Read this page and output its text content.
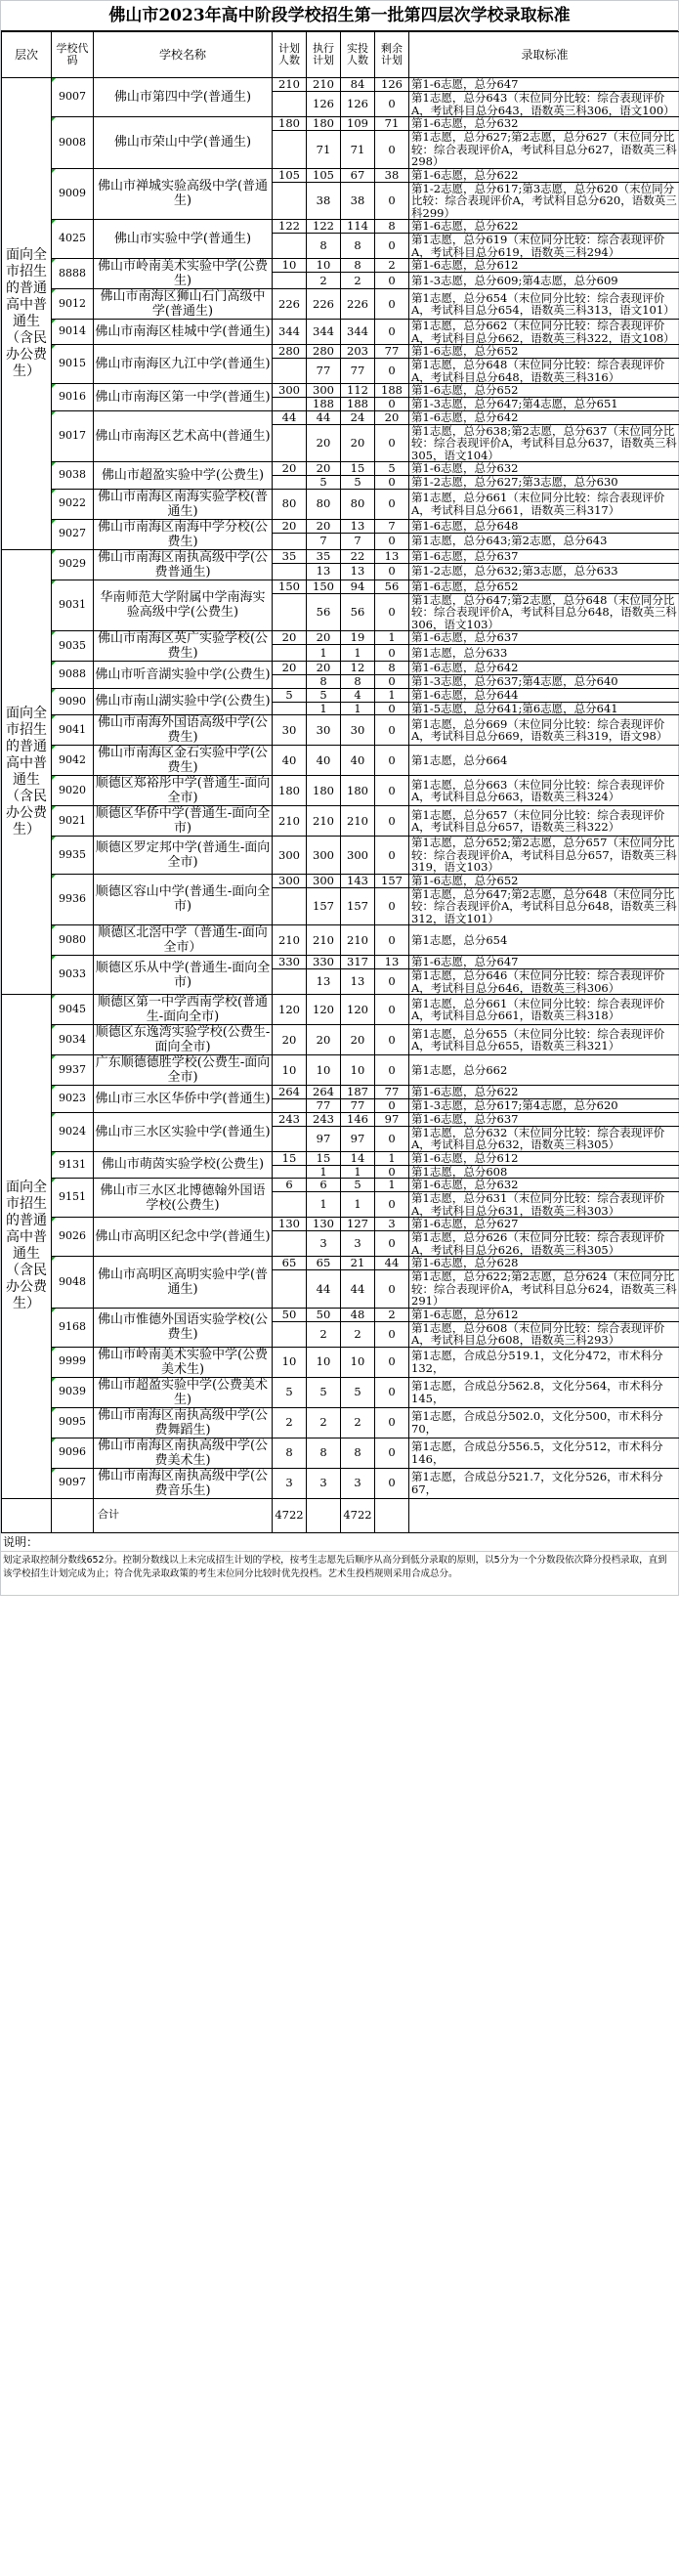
佛山市2023年高中阶段学校招生第一批第四层次学校录取标准
层次	学校代码	学校名称	计划人数	执行计划	实投人数	剩余计划	录取标准
面向全市招生的普通高中普通生（含民办公费生）	9007	佛山市第四中学(普通生)	210	210	84	126	第1-6志愿，总分647
				126	126	0	第1志愿，总分643（末位同分比较：综合表现评价A，考试科目总分643，语数英三科306，语文100）
	9008	佛山市荣山中学(普通生)	180	180	109	71	第1-6志愿，总分632
				71	71	0	第1志愿，总分627;第2志愿，总分627（末位同分比较：综合表现评价A，考试科目总分627，语数英三科298）
	9009	佛山市禅城实验高级中学(普通生)	105	105	67	38	第1-6志愿，总分622
				38	38	0	第1-2志愿，总分617;第3志愿，总分620（末位同分比较：综合表现评价A，考试科目总分620，语数英三科299）
	4025	佛山市实验中学(普通生)	122	122	114	8	第1-6志愿，总分622
				8	8	0	第1志愿，总分619（末位同分比较：综合表现评价A，考试科目总分619，语数英三科294）
	8888	佛山市岭南美术实验中学(公费生)	10	10	8	2	第1-6志愿，总分612
				2	2	0	第1-3志愿，总分609;第4志愿，总分609
	9012	佛山市南海区狮山石门高级中学(普通生)	226	226	226	0	第1志愿，总分654（末位同分比较：综合表现评价A，考试科目总分654，语数英三科313，语文101）
	9014	佛山市南海区桂城中学(普通生)	344	344	344	0	第1志愿，总分662（末位同分比较：综合表现评价A，考试科目总分662，语数英三科322，语文108）
	9015	佛山市南海区九江中学(普通生)	280	280	203	77	第1-6志愿，总分652
				77	77	0	第1志愿，总分648（末位同分比较：综合表现评价A，考试科目总分648，语数英三科316）
	9016	佛山市南海区第一中学(普通生)	300	300	112	188	第1-6志愿，总分652
				188	188	0	第1-3志愿，总分647;第4志愿，总分651
	9017	佛山市南海区艺术高中(普通生)	44	44	24	20	第1-6志愿，总分642
				20	20	0	第1志愿，总分638;第2志愿，总分637（末位同分比较：综合表现评价A，考试科目总分637，语数英三科305，语文104）
	9038	佛山市超盈实验中学(公费生)	20	20	15	5	第1-6志愿，总分632
				5	5	0	第1-2志愿，总分627;第3志愿，总分630
	9022	佛山市南海区南海实验学校(普通生)	80	80	80	0	第1志愿，总分661（末位同分比较：综合表现评价A，考试科目总分661，语数英三科317）
	9027	佛山市南海区南海中学分校(公费生)	20	20	13	7	第1-6志愿，总分648
				7	7	0	第1志愿，总分643;第2志愿，总分643
面向全市招生的普通高中普通生（含民办公费生）	9029	佛山市南海区南执高级中学(公费普通生)	35	35	22	13	第1-6志愿，总分637
				13	13	0	第1-2志愿，总分632;第3志愿，总分633
	9031	华南师范大学附属中学南海实验高级中学(公费生)	150	150	94	56	第1-6志愿，总分652
				56	56	0	第1志愿，总分647;第2志愿，总分648（末位同分比较：综合表现评价A，考试科目总分648，语数英三科306，语文103）
	9035	佛山市南海区英广实验学校(公费生)	20	20	19	1	第1-6志愿，总分637
				1	1	0	第1志愿，总分633
	9088	佛山市听音湖实验中学(公费生)	20	20	12	8	第1-6志愿，总分642
				8	8	0	第1-3志愿，总分637;第4志愿，总分640
	9090	佛山市南山湖实验中学(公费生)	5	5	4	1	第1-6志愿，总分644
				1	1	0	第1-5志愿，总分641;第6志愿，总分641
	9041	佛山市南海外国语高级中学(公费生)	30	30	30	0	第1志愿，总分669（末位同分比较：综合表现评价A，考试科目总分669，语数英三科319，语文98）
	9042	佛山市南海区金石实验中学(公费生)	40	40	40	0	第1志愿，总分664
	9020	顺德区郑裕彤中学(普通生-面向全市)	180	180	180	0	第1志愿，总分663（末位同分比较：综合表现评价A，考试科目总分663，语数英三科324）
	9021	顺德区华侨中学(普通生-面向全市)	210	210	210	0	第1志愿，总分657（末位同分比较：综合表现评价A，考试科目总分657，语数英三科322）
	9935	顺德区罗定邦中学(普通生-面向全市)	300	300	300	0	第1志愿，总分652;第2志愿，总分657（末位同分比较：综合表现评价A，考试科目总分657，语数英三科319，语文103）
	9936	顺德区容山中学(普通生-面向全市)	300	300	143	157	第1-6志愿，总分652
				157	157	0	第1志愿，总分647;第2志愿，总分648（末位同分比较：综合表现评价A，考试科目总分648，语数英三科312，语文101）
	9080	顺德区北滘中学（普通生-面向全市）	210	210	210	0	第1志愿，总分654
	9033	顺德区乐从中学(普通生-面向全市)	330	330	317	13	第1-6志愿，总分647
				13	13	0	第1志愿，总分646（末位同分比较：综合表现评价A，考试科目总分646，语数英三科306）
面向全市招生的普通高中普通生（含民办公费生）	9045	顺德区第一中学西南学校(普通生-面向全市)	120	120	120	0	第1志愿，总分661（末位同分比较：综合表现评价A，考试科目总分661，语数英三科318）
	9034	顺德区东逸湾实验学校(公费生-面向全市)	20	20	20	0	第1志愿，总分655（末位同分比较：综合表现评价A，考试科目总分655，语数英三科321）
	9937	广东顺德德胜学校(公费生-面向全市)	10	10	10	0	第1志愿，总分662
	9023	佛山市三水区华侨中学(普通生)	264	264	187	77	第1-6志愿，总分622
				77	77	0	第1-3志愿，总分617;第4志愿，总分620
	9024	佛山市三水区实验中学(普通生)	243	243	146	97	第1-6志愿，总分637
				97	97	0	第1志愿，总分632（末位同分比较：综合表现评价A，考试科目总分632，语数英三科305）
	9131	佛山市萌茵实验学校(公费生)	15	15	14	1	第1-6志愿，总分612
				1	1	0	第1志愿，总分608
	9151	佛山市三水区北博德翰外国语学校(公费生)	6	6	5	1	第1-6志愿，总分632
				1	1	0	第1志愿，总分631（末位同分比较：综合表现评价A，考试科目总分631，语数英三科303）
	9026	佛山市高明区纪念中学(普通生)	130	130	127	3	第1-6志愿，总分627
				3	3	0	第1志愿，总分626（末位同分比较：综合表现评价A，考试科目总分626，语数英三科305）
	9048	佛山市高明区高明实验中学(普通生)	65	65	21	44	第1-6志愿，总分628
				44	44	0	第1志愿，总分622;第2志愿，总分624（末位同分比较：综合表现评价A，考试科目总分624，语数英三科291）
	9168	佛山市惟德外国语实验学校(公费生)	50	50	48	2	第1-6志愿，总分612
				2	2	0	第1志愿，总分608（末位同分比较：综合表现评价A，考试科目总分608，语数英三科293）
	9999	佛山市岭南美术实验中学(公费美术生)	10	10	10	0	第1志愿，合成总分519.1，文化分472，市术科分132，
	9039	佛山市超盈实验中学(公费美术生)	5	5	5	0	第1志愿，合成总分562.8，文化分564，市术科分145，
	9095	佛山市南海区南执高级中学(公费舞蹈生)	2	2	2	0	第1志愿，合成总分502.0，文化分500，市术科分70，
	9096	佛山市南海区南执高级中学(公费美术生)	8	8	8	0	第1志愿，合成总分556.5，文化分512，市术科分146，
	9097	佛山市南海区南执高级中学(公费音乐生)	3	3	3	0	第1志愿，合成总分521.7，文化分526，市术科分67，
		合计	4722		4722		
说明：
划定录取控制分数线652分。控制分数线以上未完成招生计划的学校，按考生志愿先后顺序从高分到低分录取的原则，以5分为一个分数段依次降分投档录取，直到该学校招生计划完成为止；符合优先录取政策的考生末位同分比较时优先投档。艺术生投档规则采用合成总分。
